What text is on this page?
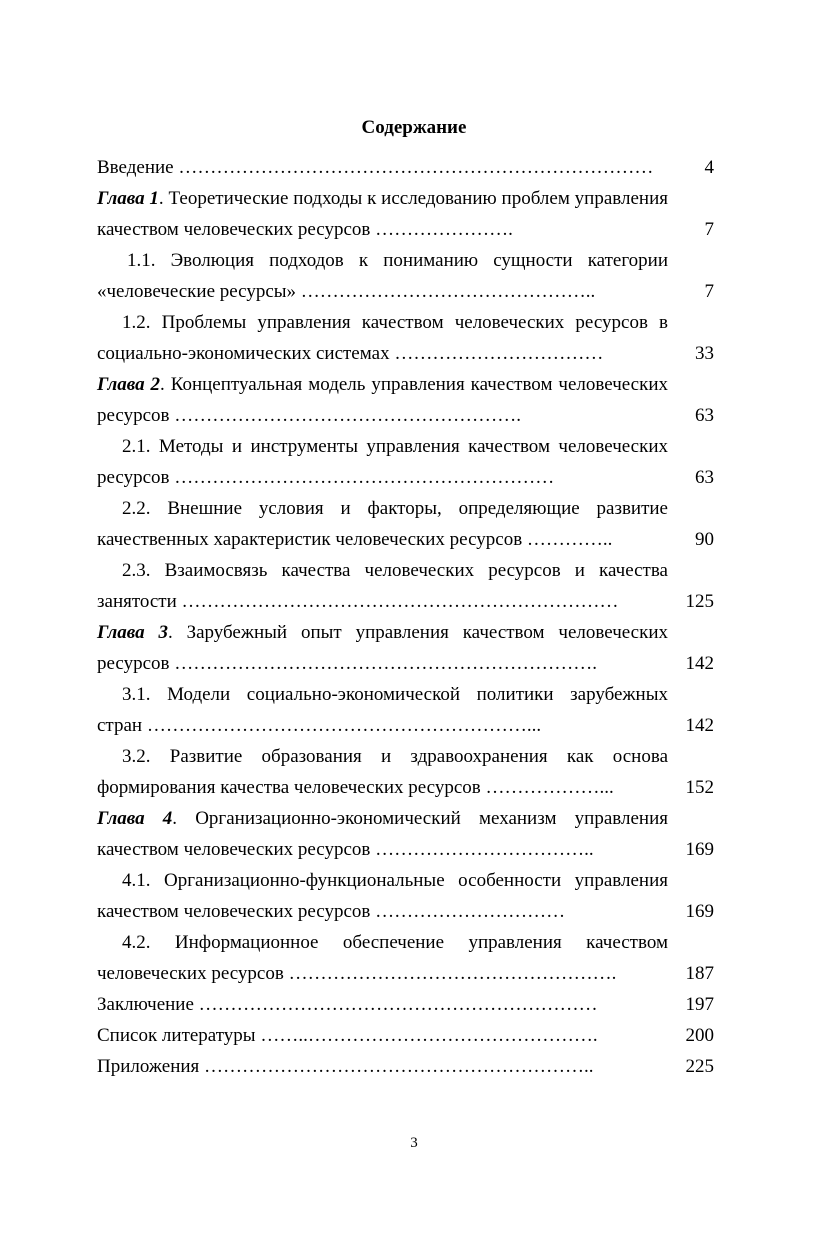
Содержание
Введение …………………………………………………………………	4
Глава 1. Теоретические подходы к исследованию проблем управления качеством человеческих ресурсов ………………….	7
1.1. Эволюция подходов к пониманию сущности категории «человеческие ресурсы» ………………………………………..	7
1.2. Проблемы управления качеством человеческих ресурсов в социально-экономических системах ……………………………	33
Глава 2. Концептуальная модель управления качеством человеческих ресурсов ……………………………………………….	63
2.1. Методы и инструменты управления качеством человеческих ресурсов ……………………………………………………	63
2.2. Внешние условия и факторы, определяющие развитие качественных характеристик человеческих ресурсов …………..	90
2.3. Взаимосвязь качества человеческих ресурсов и качества занятости ……………………………………………………………	125
Глава 3. Зарубежный опыт управления качеством человеческих ресурсов ………………………………………………………….	142
3.1. Модели социально-экономической политики зарубежных стран ……………………………………………………...	142
3.2. Развитие образования и здравоохранения как основа формирования качества человеческих ресурсов ………………...	152
Глава 4. Организационно-экономический механизм управления качеством человеческих ресурсов ……………………………..	169
4.1. Организационно-функциональные особенности управления качеством человеческих ресурсов …………………………	169
4.2. Информационное обеспечение управления качеством человеческих ресурсов …………………………………………….	187
Заключение ………………………………………………………	197
Список литературы ……..……………………………………….	200
Приложения ……………………………………………………..	225
3
